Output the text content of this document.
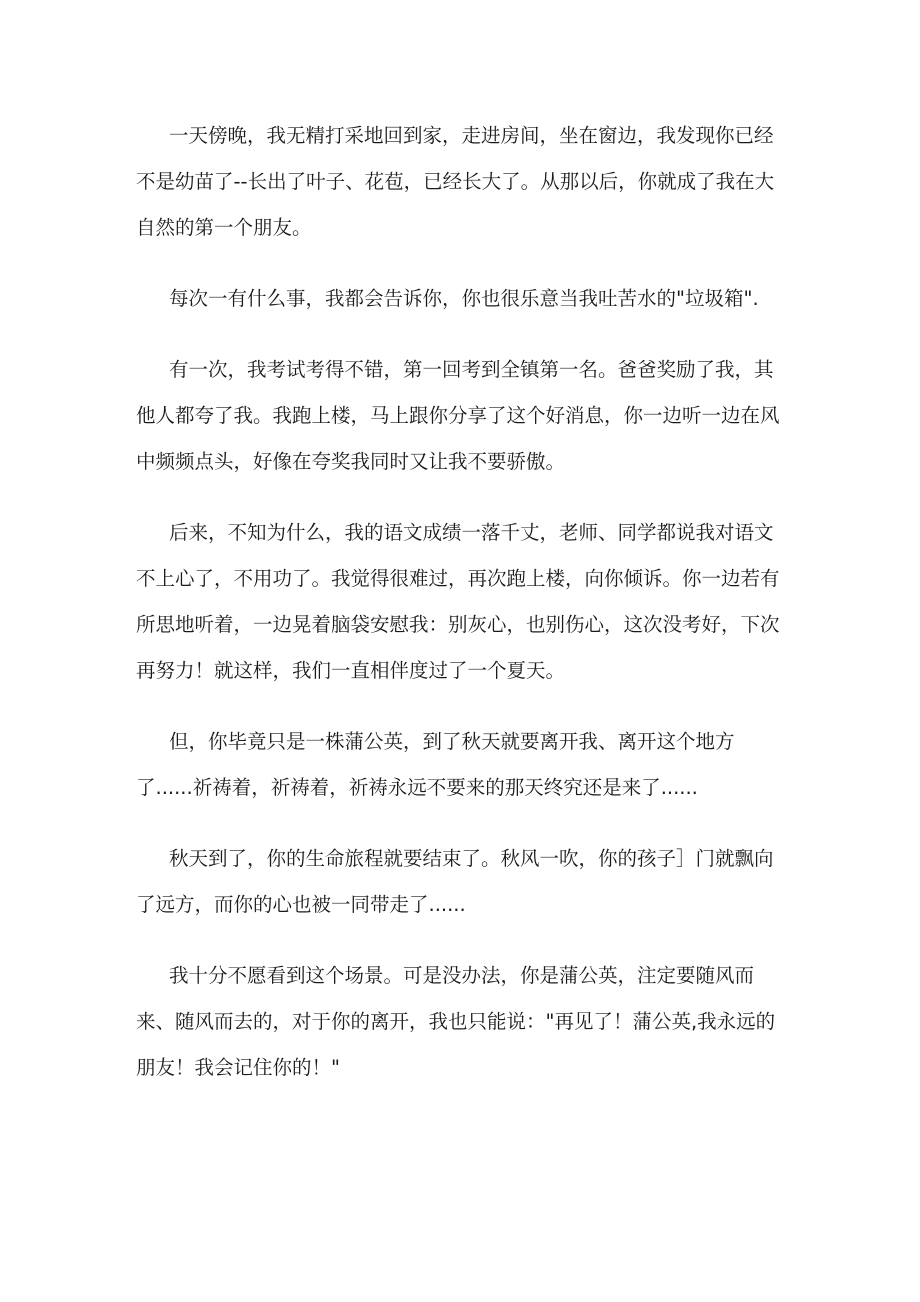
一天傍晚，我无精打采地回到家，走进房间，坐在窗边，我发现你已经不是幼苗了--长出了叶子、花苞，已经长大了。从那以后，你就成了我在大自然的第一个朋友。

每次一有什么事，我都会告诉你，你也很乐意当我吐苦水的"垃圾箱".

有一次，我考试考得不错，第一回考到全镇第一名。爸爸奖励了我，其他人都夸了我。我跑上楼，马上跟你分享了这个好消息，你一边听一边在风中频频点头，好像在夸奖我同时又让我不要骄傲。

后来，不知为什么，我的语文成绩一落千丈，老师、同学都说我对语文不上心了，不用功了。我觉得很难过，再次跑上楼，向你倾诉。你一边若有所思地听着，一边晃着脑袋安慰我：别灰心，也别伤心，这次没考好，下次再努力！就这样，我们一直相伴度过了一个夏天。

但，你毕竟只是一株蒲公英，到了秋天就要离开我、离开这个地方了......祈祷着，祈祷着，祈祷永远不要来的那天终究还是来了......

秋天到了，你的生命旅程就要结束了。秋风一吹，你的孩子］门就飘向了远方，而你的心也被一同带走了......

我十分不愿看到这个场景。可是没办法，你是蒲公英，注定要随风而来、随风而去的，对于你的离开，我也只能说："再见了！蒲公英,我永远的朋友！我会记住你的！"
